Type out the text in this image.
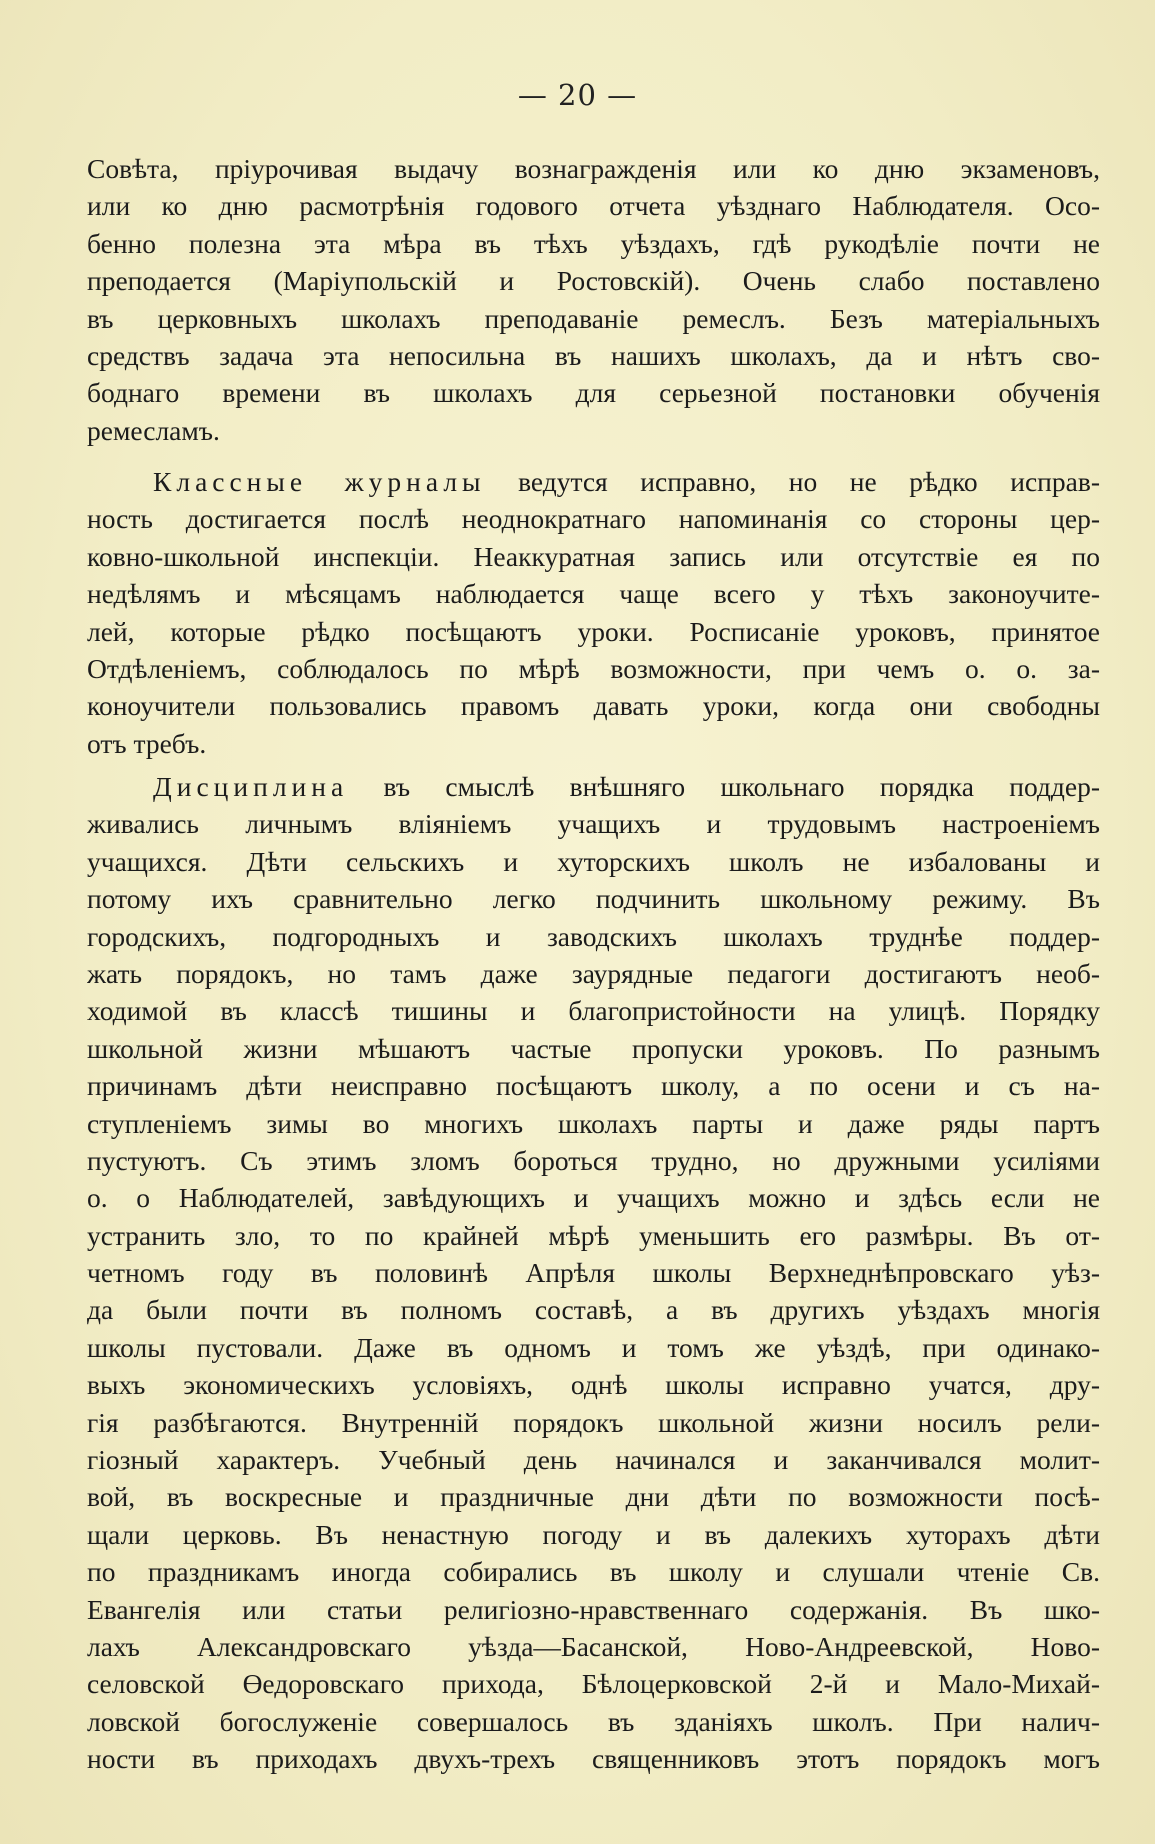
— 20 —
Совѣта, пріурочивая выдачу вознагражденія или ко дню экзаменовъ,
или ко дню расмотрѣнія годового отчета уѣзднаго Наблюдателя. Осо-
бенно полезна эта мѣра въ тѣхъ уѣздахъ, гдѣ рукодѣліе почти не
преподается (Маріупольскій и Ростовскій). Очень слабо поставлено
въ церковныхъ школахъ преподаваніе ремеслъ. Безъ матеріальныхъ
средствъ задача эта непосильна въ нашихъ школахъ, да и нѣтъ сво-
боднаго времени въ школахъ для серьезной постановки обученія
ремесламъ.
Классные журналы ведутся исправно, но не рѣдко исправ-
ность достигается послѣ неоднократнаго напоминанія со стороны цер-
ковно-школьной инспекціи. Неаккуратная запись или отсутствіе ея по
недѣлямъ и мѣсяцамъ наблюдается чаще всего у тѣхъ законоучите-
лей, которые рѣдко посѣщаютъ уроки. Росписаніе уроковъ, принятое
Отдѣленіемъ, соблюдалось по мѣрѣ возможности, при чемъ о. о. за-
коноучители пользовались правомъ давать уроки, когда они свободны
отъ требъ.
Дисциплина въ смыслѣ внѣшняго школьнаго порядка поддер-
живались личнымъ вліяніемъ учащихъ и трудовымъ настроеніемъ
учащихся. Дѣти сельскихъ и хуторскихъ школъ не избалованы и
потому ихъ сравнительно легко подчинить школьному режиму. Въ
городскихъ, подгородныхъ и заводскихъ школахъ труднѣе поддер-
жать порядокъ, но тамъ даже заурядные педагоги достигаютъ необ-
ходимой въ классѣ тишины и благопристойности на улицѣ. Порядку
школьной жизни мѣшаютъ частые пропуски уроковъ. По разнымъ
причинамъ дѣти неисправно посѣщаютъ школу, а по осени и съ на-
ступленіемъ зимы во многихъ школахъ парты и даже ряды партъ
пустуютъ. Съ этимъ зломъ бороться трудно, но дружными усиліями
о. о Наблюдателей, завѣдующихъ и учащихъ можно и здѣсь если не
устранить зло, то по крайней мѣрѣ уменьшить его размѣры. Въ от-
четномъ году въ половинѣ Апрѣля школы Верхнеднѣпровскаго уѣз-
да были почти въ полномъ составѣ, а въ другихъ уѣздахъ многія
школы пустовали. Даже въ одномъ и томъ же уѣздѣ, при одинако-
выхъ экономическихъ условіяхъ, однѣ школы исправно учатся, дру-
гія разбѣгаются. Внутренній порядокъ школьной жизни носилъ рели-
гіозный характеръ. Учебный день начинался и заканчивался молит-
вой, въ воскресные и праздничные дни дѣти по возможности посѣ-
щали церковь. Въ ненастную погоду и въ далекихъ хуторахъ дѣти
по праздникамъ иногда собирались въ школу и слушали чтеніе Св.
Евангелія или статьи религіозно-нравственнаго содержанія. Въ шко-
лахъ Александровскаго уѣзда—Басанской, Ново-Андреевской, Ново-
селовской Өедоровскаго прихода, Бѣлоцерковской 2-й и Мало-Михай-
ловской богослуженіе совершалось въ зданіяхъ школъ. При налич-
ности въ приходахъ двухъ-трехъ священниковъ этотъ порядокъ могъ
